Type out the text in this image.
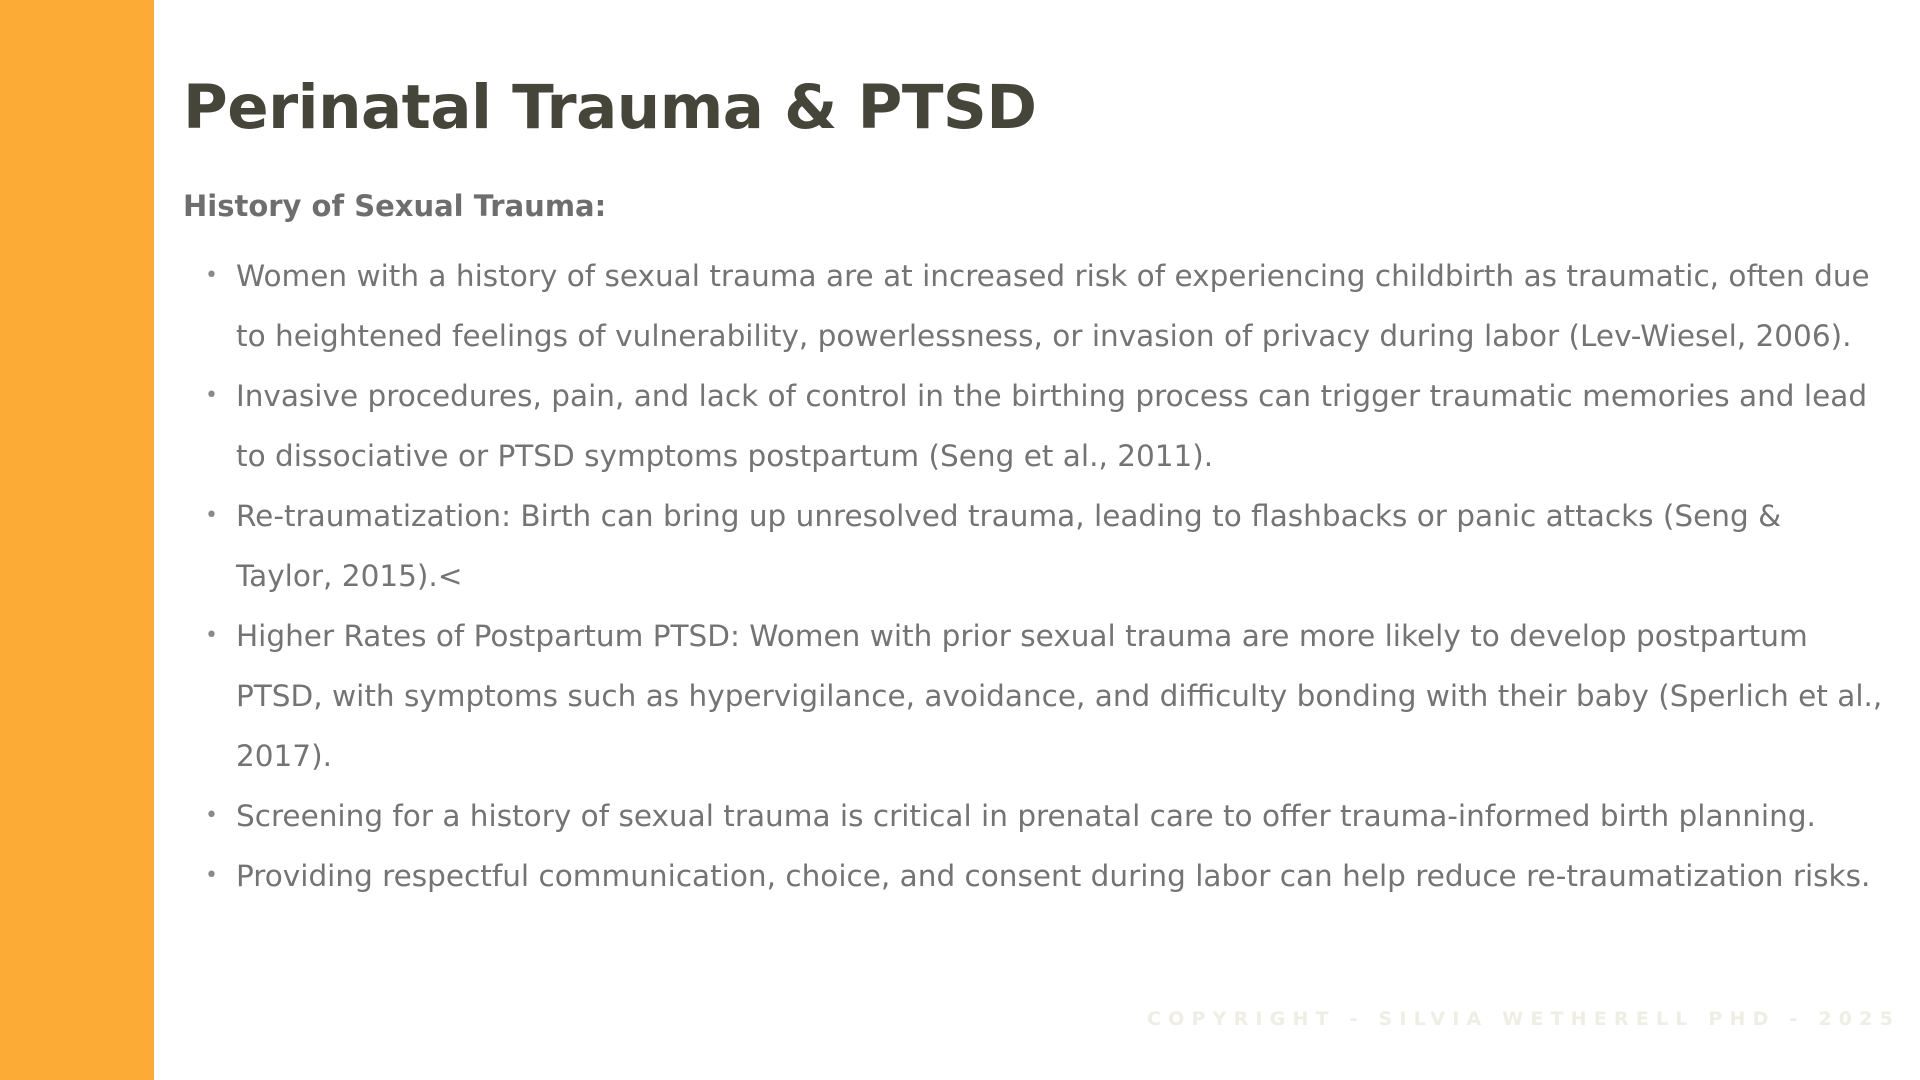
Perinatal Trauma & PTSD
History of Sexual Trauma:
• Women with a history of sexual trauma are at increased risk of experiencing childbirth as traumatic, often due to heightened feelings of vulnerability, powerlessness, or invasion of privacy during labor (Lev-Wiesel, 2006).
• Invasive procedures, pain, and lack of control in the birthing process can trigger traumatic memories and lead to dissociative or PTSD symptoms postpartum (Seng et al., 2011).
• Re-traumatization: Birth can bring up unresolved trauma, leading to flashbacks or panic attacks (Seng & Taylor, 2015).<
• Higher Rates of Postpartum PTSD: Women with prior sexual trauma are more likely to develop postpartum PTSD, with symptoms such as hypervigilance, avoidance, and difficulty bonding with their baby (Sperlich et al., 2017).
• Screening for a history of sexual trauma is critical in prenatal care to offer trauma-informed birth planning.
• Providing respectful communication, choice, and consent during labor can help reduce re-traumatization risks.
COPYRIGHT - SILVIA WETHERELL PHD - 2025
